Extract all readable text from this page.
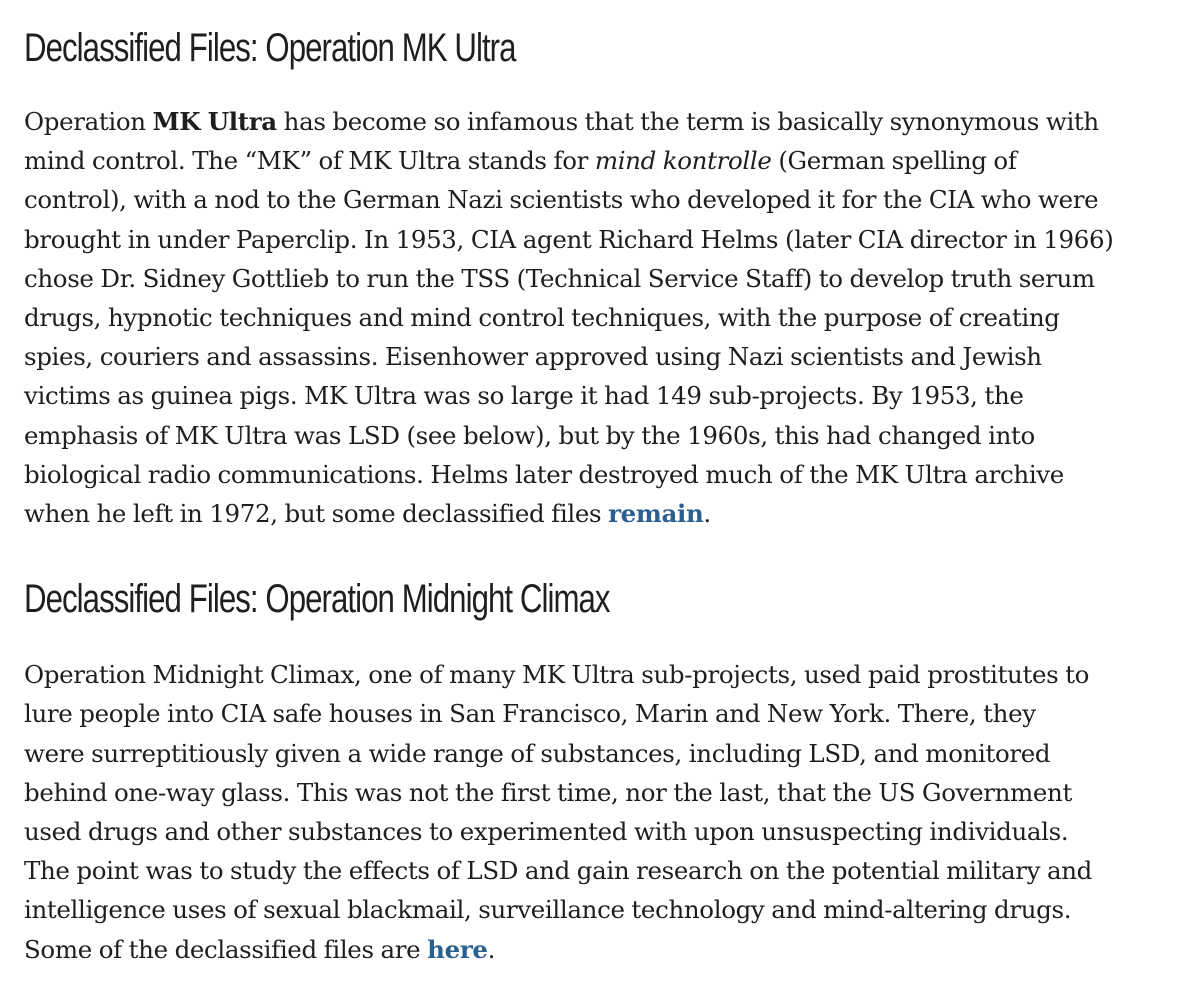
Declassified Files: Operation MK Ultra

Operation MK Ultra has become so infamous that the term is basically synonymous with
mind control. The “MK” of MK Ultra stands for mind kontrolle (German spelling of
control), with a nod to the German Nazi scientists who developed it for the CIA who were
brought in under Paperclip. In 1953, CIA agent Richard Helms (later CIA director in 1966)
chose Dr. Sidney Gottlieb to run the TSS (Technical Service Staff) to develop truth serum
drugs, hypnotic techniques and mind control techniques, with the purpose of creating
spies, couriers and assassins. Eisenhower approved using Nazi scientists and Jewish
victims as guinea pigs. MK Ultra was so large it had 149 sub-projects. By 1953, the
emphasis of MK Ultra was LSD (see below), but by the 1960s, this had changed into
biological radio communications. Helms later destroyed much of the MK Ultra archive
when he left in 1972, but some declassified files remain.

Declassified Files: Operation Midnight Climax

Operation Midnight Climax, one of many MK Ultra sub-projects, used paid prostitutes to
lure people into CIA safe houses in San Francisco, Marin and New York. There, they
were surreptitiously given a wide range of substances, including LSD, and monitored
behind one-way glass. This was not the first time, nor the last, that the US Government
used drugs and other substances to experimented with upon unsuspecting individuals.
The point was to study the effects of LSD and gain research on the potential military and
intelligence uses of sexual blackmail, surveillance technology and mind-altering drugs.
Some of the declassified files are here.
